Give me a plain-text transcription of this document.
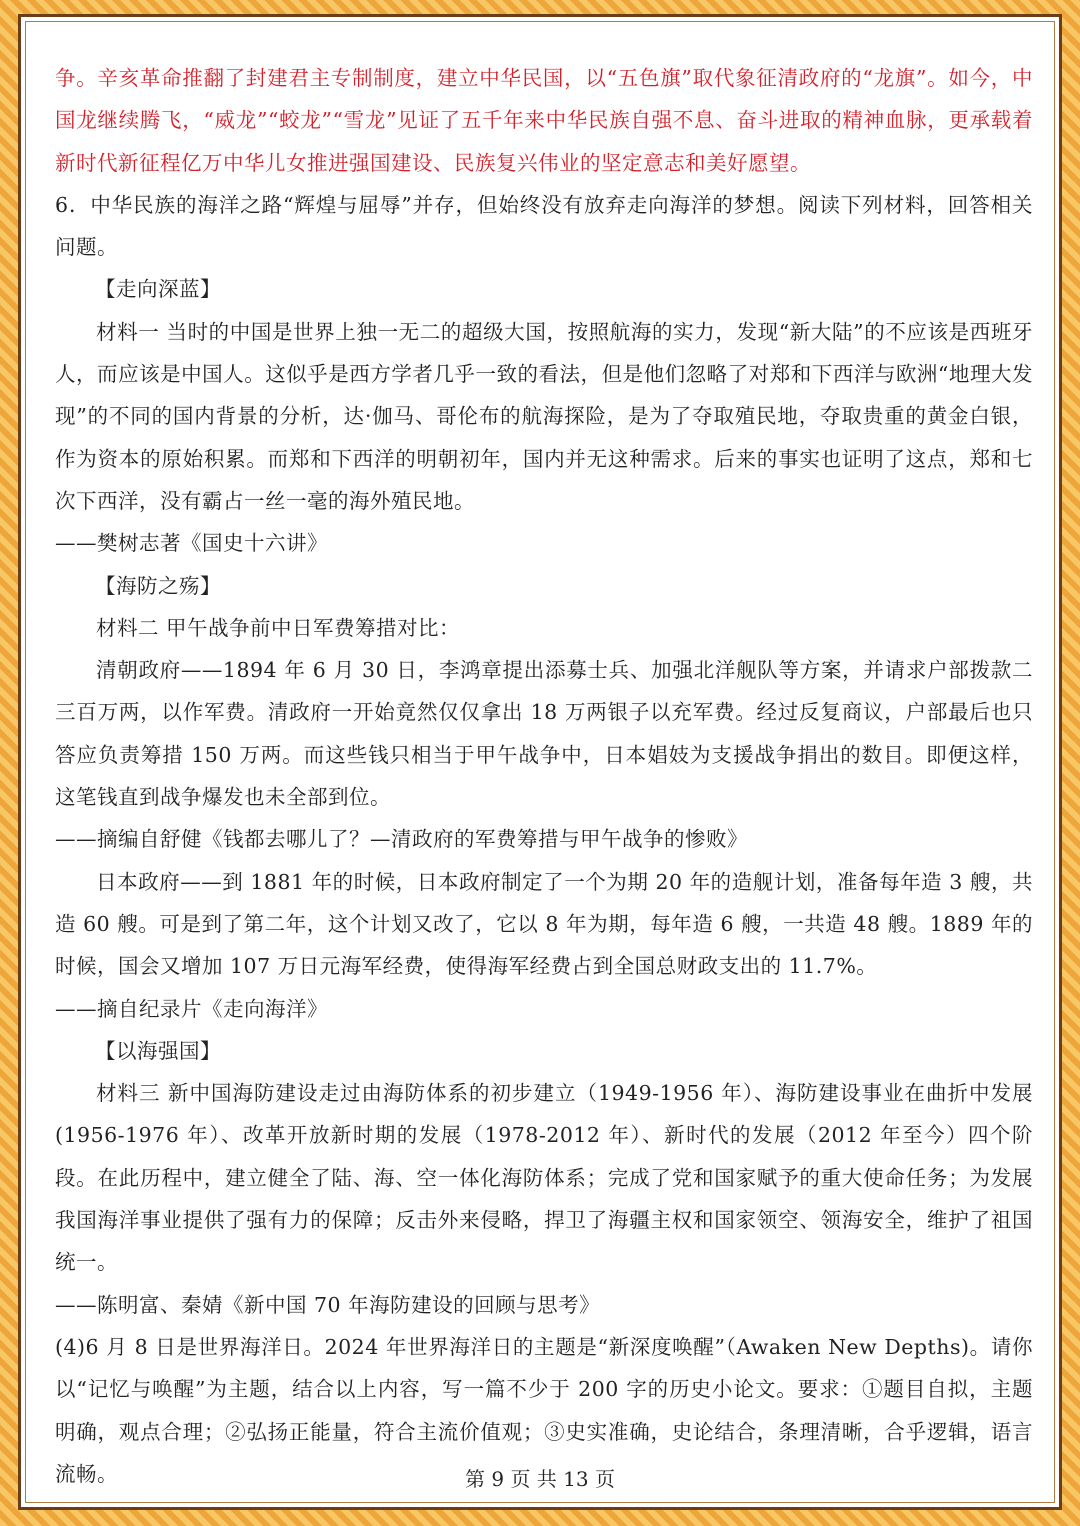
争。辛亥革命推翻了封建君主专制制度，建立中华民国，以“五色旗”取代象征清政府的“龙旗”。如今，中国龙继续腾飞，“威龙”“蛟龙”“雪龙”见证了五千年来中华民族自强不息、奋斗进取的精神血脉，更承载着新时代新征程亿万中华儿女推进强国建设、民族复兴伟业的坚定意志和美好愿望。

6．中华民族的海洋之路“辉煌与屈辱”并存，但始终没有放弃走向海洋的梦想。阅读下列材料，回答相关问题。

【走向深蓝】

材料一 当时的中国是世界上独一无二的超级大国，按照航海的实力，发现“新大陆”的不应该是西班牙人，而应该是中国人。这似乎是西方学者几乎一致的看法，但是他们忽略了对郑和下西洋与欧洲“地理大发现”的不同的国内背景的分析，达·伽马、哥伦布的航海探险，是为了夺取殖民地，夺取贵重的黄金白银，作为资本的原始积累。而郑和下西洋的明朝初年，国内并无这种需求。后来的事实也证明了这点，郑和七次下西洋，没有霸占一丝一毫的海外殖民地。

——樊树志著《国史十六讲》

【海防之殇】

材料二 甲午战争前中日军费筹措对比：

清朝政府——1894 年 6 月 30 日，李鸿章提出添募士兵、加强北洋舰队等方案，并请求户部拨款二三百万两，以作军费。清政府一开始竟然仅仅拿出 18 万两银子以充军费。经过反复商议，户部最后也只答应负责筹措 150 万两。而这些钱只相当于甲午战争中，日本娼妓为支援战争捐出的数目。即便这样，这笔钱直到战争爆发也未全部到位。

——摘编自舒健《钱都去哪儿了？—清政府的军费筹措与甲午战争的惨败》

日本政府——到 1881 年的时候，日本政府制定了一个为期 20 年的造舰计划，准备每年造 3 艘，共造 60 艘。可是到了第二年，这个计划又改了，它以 8 年为期，每年造 6 艘，一共造 48 艘。1889 年的时候，国会又增加 107 万日元海军经费，使得海军经费占到全国总财政支出的 11.7%。

——摘自纪录片《走向海洋》

【以海强国】

材料三 新中国海防建设走过由海防体系的初步建立（1949-1956 年）、海防建设事业在曲折中发展(1956-1976 年）、改革开放新时期的发展（1978-2012 年）、新时代的发展（2012 年至今）四个阶段。在此历程中，建立健全了陆、海、空一体化海防体系；完成了党和国家赋予的重大使命任务；为发展我国海洋事业提供了强有力的保障；反击外来侵略，捍卫了海疆主权和国家领空、领海安全，维护了祖国统一。

——陈明富、秦婧《新中国 70 年海防建设的回顾与思考》

(4)6 月 8 日是世界海洋日。2024 年世界海洋日的主题是“新深度唤醒”（Awaken New Depths)。请你以“记忆与唤醒”为主题，结合以上内容，写一篇不少于 200 字的历史小论文。要求：①题目自拟，主题明确，观点合理；②弘扬正能量，符合主流价值观；③史实准确，史论结合，条理清晰，合乎逻辑，语言流畅。	第 9 页 共 13 页
